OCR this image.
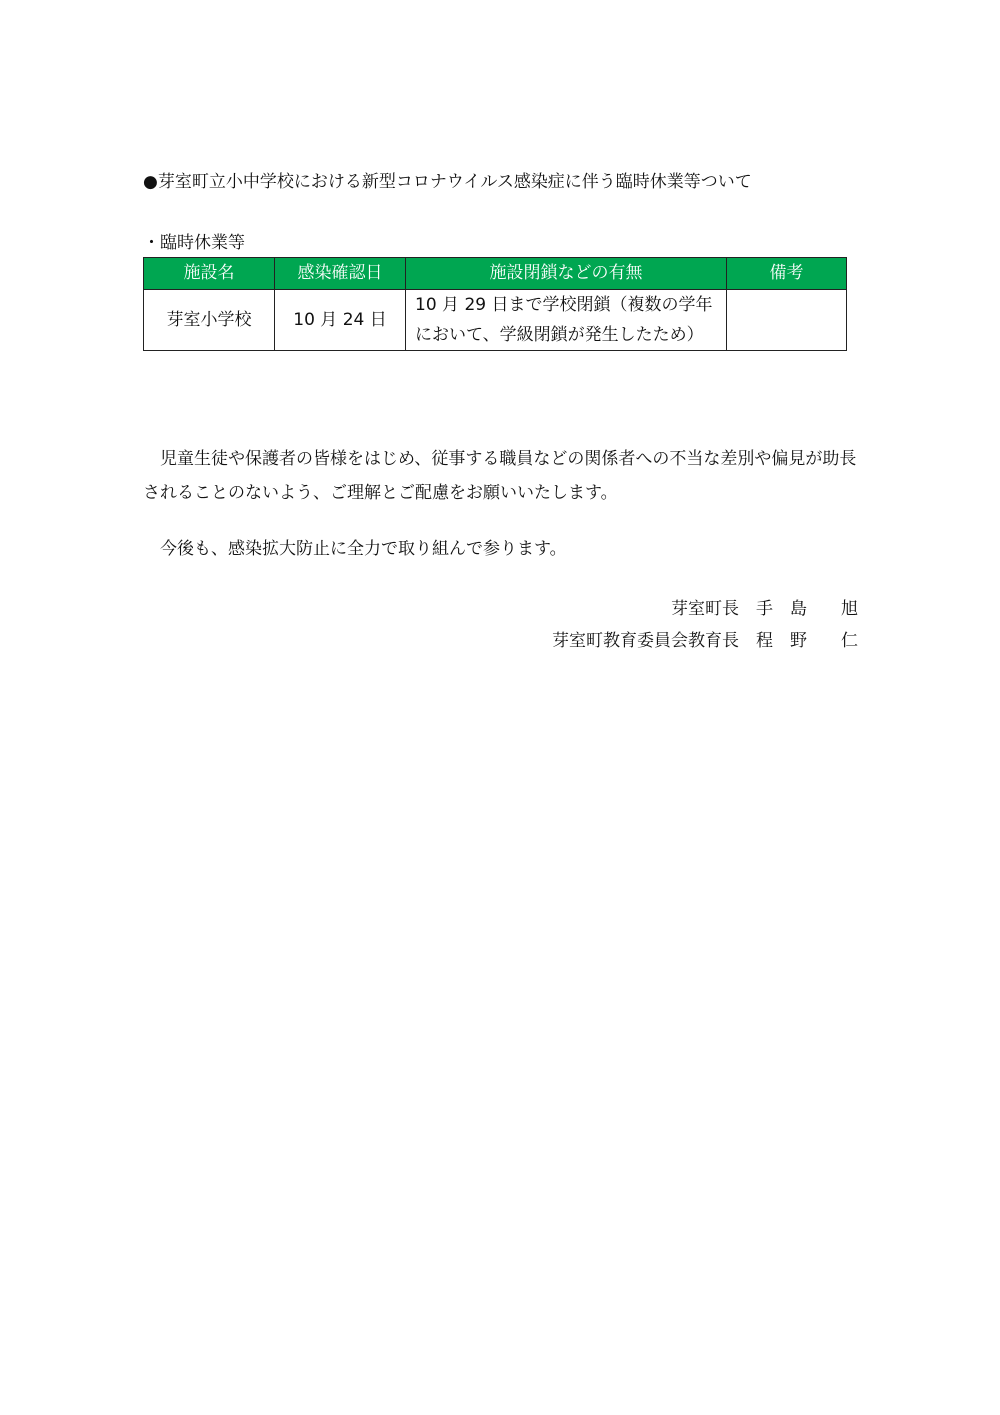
●芽室町立小中学校における新型コロナウイルス感染症に伴う臨時休業等ついて
・臨時休業等
施設名	感染確認日	施設閉鎖などの有無	備考
芽室小学校	10 月 24 日	10 月 29 日まで学校閉鎖（複数の学年
において、学級閉鎖が発生したため）	

児童生徒や保護者の皆様をはじめ、従事する職員などの関係者への不当な差別や偏見が助長されることのないよう、ご理解とご配慮をお願いいたします。
今後も、感染拡大防止に全力で取り組んで参ります。
芽室町長　手　島　　旭
芽室町教育委員会教育長　程　野　　仁
